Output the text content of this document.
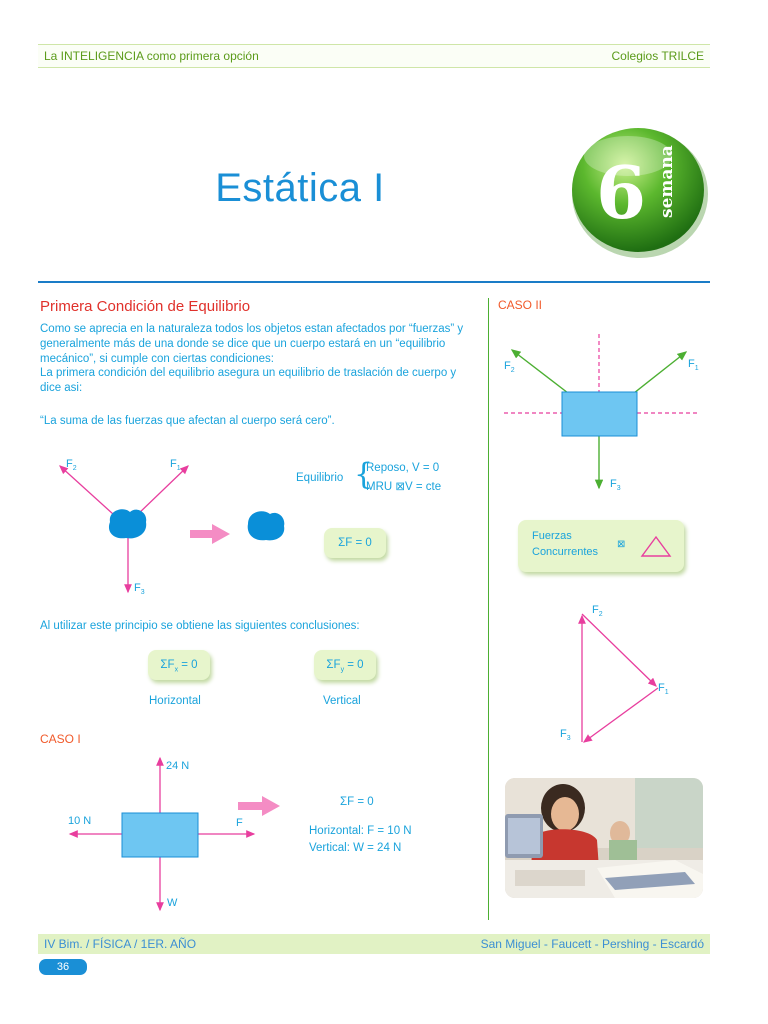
La INTELIGENCIA como primera opción	Colegios TRILCE
Estática I	6 semana
Primera Condición de Equilibrio
Como se aprecia en la naturaleza todos los objetos estan afectados por “fuerzas” y generalmente más de una donde se dice que un cuerpo estará en un “equilibrio mecánico”, si cumple con ciertas condiciones:
La primera condición del equilibrio asegura un equilibrio de traslación de cuerpo y dice asi:
“La suma de las fuerzas que afectan al cuerpo será cero”.
$F_2$	$F_1$
$F_3$
Equilibrio {
Reposo, V = 0
MRU ⊠V = cte
ΣF = 0
Al utilizar este principio se obtiene las siguientes conclusiones:
$\Sigma F_x = 0$
Horizontal
$\Sigma F_y = 0$
Vertical
CASO I
24 N
10 N	F
W
ΣF = 0
Horizontal: F = 10 N
Vertical: W = 24 N
CASO II
$F_2$
$F_1$
$F_3$
Fuerzas
Concurrentes
⊠
$F_2$
$F_1$
$F_3$
IV Bim. / FÍSICA / 1ER. AÑO	San Miguel - Faucett - Pershing - Escardó
36
